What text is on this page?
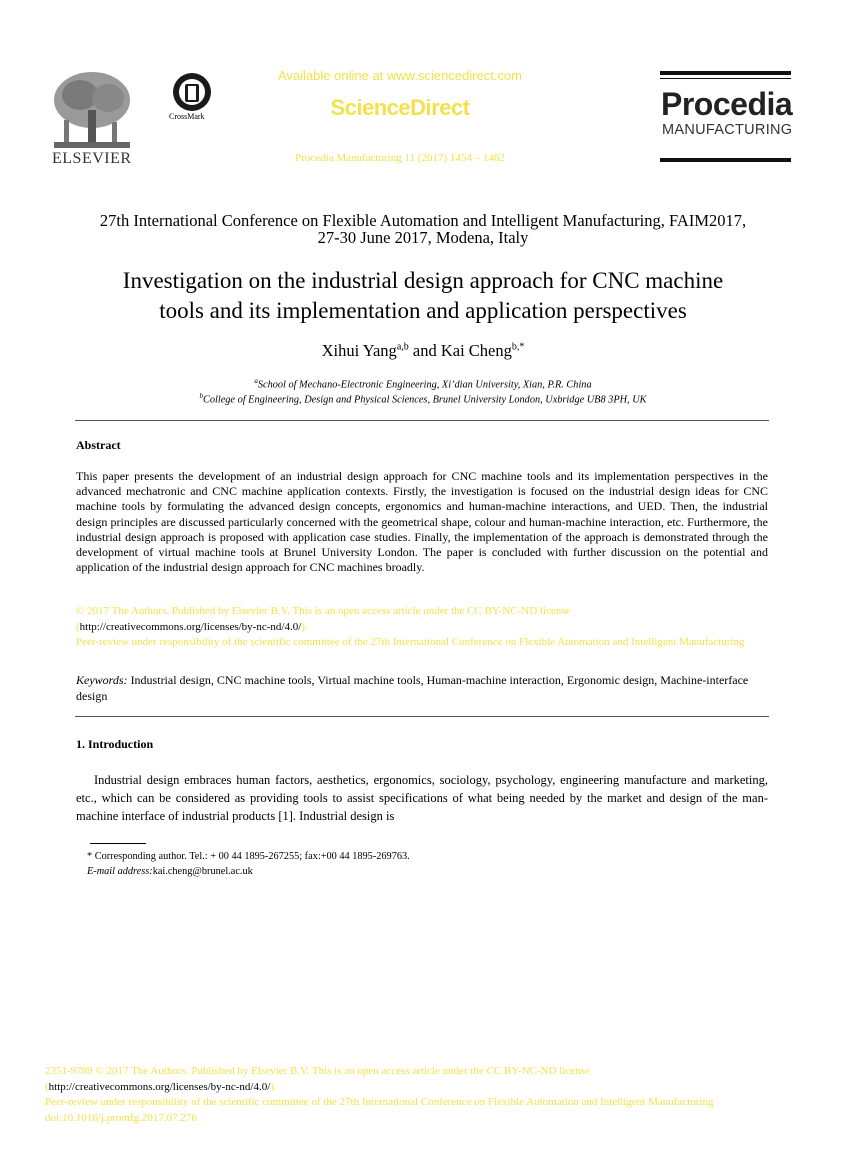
ELSEVIER
CrossMark
Available online at www.sciencedirect.com
ScienceDirect
Procedia Manufacturing 11 (2017) 1454 – 1462
Procedia
MANUFACTURING
27th International Conference on Flexible Automation and Intelligent Manufacturing, FAIM2017,
27-30 June 2017, Modena, Italy
Investigation on the industrial design approach for CNC machine
tools and its implementation and application perspectives
Xihui Yang$^{a,b}$ and Kai Cheng$^{b,*}$
$^a$School of Mechano-Electronic Engineering, Xi’dian University, Xian, P.R. China
$^b$College of Engineering, Design and Physical Sciences, Brunel University London, Uxbridge UB8 3PH, UK
Abstract
This paper presents the development of an industrial design approach for CNC machine tools and its implementation perspectives in the advanced mechatronic and CNC machine application contexts. Firstly, the investigation is focused on the industrial design ideas for CNC machine tools by formulating the advanced design concepts, ergonomics and human-machine interactions, and UED. Then, the industrial design principles are discussed particularly concerned with the geometrical shape, colour and human-machine interaction, etc. Furthermore, the industrial design approach is proposed with application case studies. Finally, the implementation of the approach is demonstrated through the development of virtual machine tools at Brunel University London. The paper is concluded with further discussion on the potential and application of the industrial design approach for CNC machines broadly.
© 2017 The Authors. Published by Elsevier B.V. This is an open access article under the CC BY-NC-ND license
(http://creativecommons.org/licenses/by-nc-nd/4.0/).
Peer-review under responsibility of the scientific committee of the 27th International Conference on Flexible Automation and Intelligent Manufacturing
Keywords: Industrial design, CNC machine tools, Virtual machine tools, Human-machine interaction, Ergonomic design, Machine-interface design
1. Introduction
Industrial design embraces human factors, aesthetics, ergonomics, sociology, psychology, engineering manufacture and marketing, etc., which can be considered as providing tools to assist specifications of what being needed by the market and design of the man-machine interface of industrial products [1]. Industrial design is
* Corresponding author. Tel.: + 00 44 1895-267255; fax:+00 44 1895-269763.
E-mail address:kai.cheng@brunel.ac.uk
2351-9789 © 2017 The Authors. Published by Elsevier B.V. This is an open access article under the CC BY-NC-ND license
(http://creativecommons.org/licenses/by-nc-nd/4.0/).
Peer-review under responsibility of the scientific committee of the 27th International Conference on Flexible Automation and Intelligent Manufacturing
doi:10.1016/j.promfg.2017.07.276
